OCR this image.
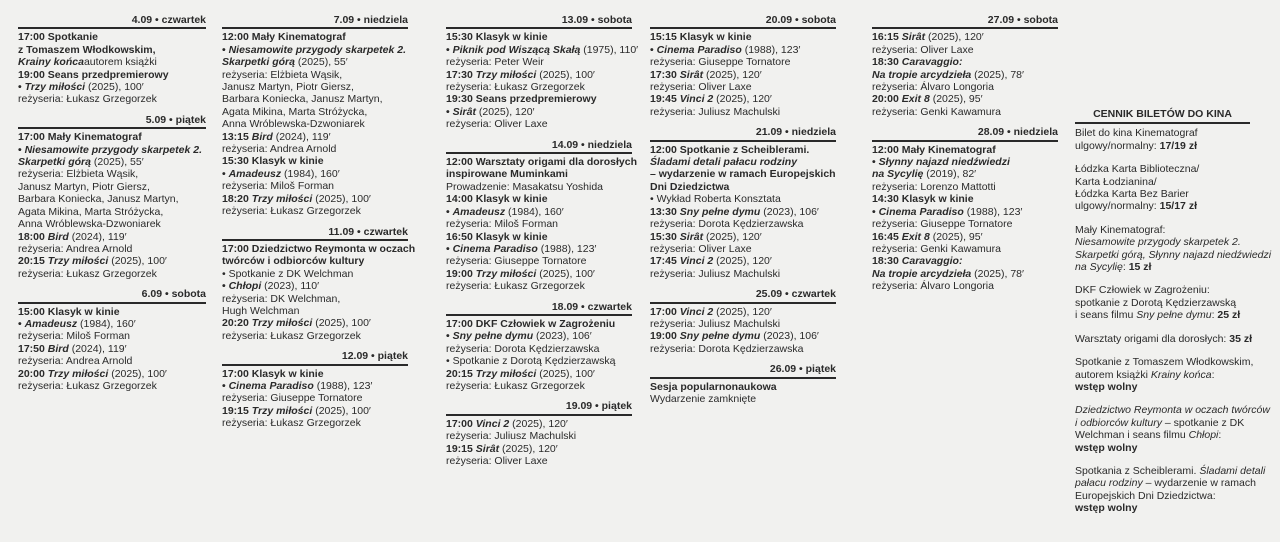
4.09 • czwartek
17:00 Spotkanie
z Tomaszem Włodkowskim,
Krainy końcaautorem książki
19:00 Seans przedpremierowy
• Trzy miłości (2025), 100′
reżyseria: Łukasz Grzegorzek
5.09 • piątek
17:00 Mały Kinematograf
• Niesamowite przygody skarpetek 2.
Skarpetki górą (2025), 55′
reżyseria: Elżbieta Wąsik,
Janusz Martyn, Piotr Giersz,
Barbara Koniecka, Janusz Martyn,
Agata Mikina, Marta Stróżycka,
Anna Wróblewska-Dzwoniarek
18:00 Bird (2024), 119′
reżyseria: Andrea Arnold
20:15 Trzy miłości (2025), 100′
reżyseria: Łukasz Grzegorzek
6.09 • sobota
15:00 Klasyk w kinie
• Amadeusz (1984), 160′
reżyseria: Miloš Forman
17:50 Bird (2024), 119′
reżyseria: Andrea Arnold
20:00 Trzy miłości (2025), 100′
reżyseria: Łukasz Grzegorzek
7.09 • niedziela
12:00 Mały Kinematograf
• Niesamowite przygody skarpetek 2.
Skarpetki górą (2025), 55′
reżyseria: Elżbieta Wąsik,
Janusz Martyn, Piotr Giersz,
Barbara Koniecka, Janusz Martyn,
Agata Mikina, Marta Stróżycka,
Anna Wróblewska-Dzwoniarek
13:15 Bird (2024), 119′
reżyseria: Andrea Arnold
15:30 Klasyk w kinie
• Amadeusz (1984), 160′
reżyseria: Miloš Forman
18:20 Trzy miłości (2025), 100′
reżyseria: Łukasz Grzegorzek
11.09 • czwartek
17:00 Dziedzictwo Reymonta w oczach
twórców i odbiorców kultury
• Spotkanie z DK Welchman
• Chłopi (2023), 110′
reżyseria: DK Welchman,
Hugh Welchman
20:20 Trzy miłości (2025), 100′
reżyseria: Łukasz Grzegorzek
12.09 • piątek
17:00 Klasyk w kinie
• Cinema Paradiso (1988), 123′
reżyseria: Giuseppe Tornatore
19:15 Trzy miłości (2025), 100′
reżyseria: Łukasz Grzegorzek
13.09 • sobota
15:30 Klasyk w kinie
• Piknik pod Wiszącą Skałą (1975), 110′
reżyseria: Peter Weir
17:30 Trzy miłości (2025), 100′
reżyseria: Łukasz Grzegorzek
19:30 Seans przedpremierowy
• Sirât (2025), 120′
reżyseria: Oliver Laxe
14.09 • niedziela
12:00 Warsztaty origami dla dorosłych
inspirowane Muminkami
Prowadzenie: Masakatsu Yoshida
14:00 Klasyk w kinie
• Amadeusz (1984), 160′
reżyseria: Miloš Forman
16:50 Klasyk w kinie
• Cinema Paradiso (1988), 123′
reżyseria: Giuseppe Tornatore
19:00 Trzy miłości (2025), 100′
reżyseria: Łukasz Grzegorzek
18.09 • czwartek
17:00 DKF Człowiek w Zagrożeniu
• Sny pełne dymu (2023), 106′
reżyseria: Dorota Kędzierzawska
• Spotkanie z Dorotą Kędzierzawską
20:15 Trzy miłości (2025), 100′
reżyseria: Łukasz Grzegorzek
19.09 • piątek
17:00 Vinci 2 (2025), 120′
reżyseria: Juliusz Machulski
19:15 Sirât (2025), 120′
reżyseria: Oliver Laxe
20.09 • sobota
15:15 Klasyk w kinie
• Cinema Paradiso (1988), 123′
reżyseria: Giuseppe Tornatore
17:30 Sirât (2025), 120′
reżyseria: Oliver Laxe
19:45 Vinci 2 (2025), 120′
reżyseria: Juliusz Machulski
21.09 • niedziela
12:00 Spotkanie z Scheiblerami.
Śladami detali pałacu rodziny
– wydarzenie w ramach Europejskich
Dni Dziedzictwa
• Wykład Roberta Konsztata
13:30 Sny pełne dymu (2023), 106′
reżyseria: Dorota Kędzierzawska
15:30 Sirât (2025), 120′
reżyseria: Oliver Laxe
17:45 Vinci 2 (2025), 120′
reżyseria: Juliusz Machulski
25.09 • czwartek
17:00 Vinci 2 (2025), 120′
reżyseria: Juliusz Machulski
19:00 Sny pełne dymu (2023), 106′
reżyseria: Dorota Kędzierzawska
26.09 • piątek
Sesja popularnonaukowa
Wydarzenie zamknięte
27.09 • sobota
16:15 Sirât (2025), 120′
reżyseria: Oliver Laxe
18:30 Caravaggio:
Na tropie arcydzieła (2025), 78′
reżyseria: Álvaro Longoria
20:00 Exit 8 (2025), 95′
reżyseria: Genki Kawamura
28.09 • niedziela
12:00 Mały Kinematograf
• Słynny najazd niedźwiedzi
na Sycylię (2019), 82′
reżyseria: Lorenzo Mattotti
14:30 Klasyk w kinie
• Cinema Paradiso (1988), 123′
reżyseria: Giuseppe Tornatore
16:45 Exit 8 (2025), 95′
reżyseria: Genki Kawamura
18:30 Caravaggio:
Na tropie arcydzieła (2025), 78′
reżyseria: Álvaro Longoria
CENNIK BILETÓW DO KINA
Bilet do kina Kinematograf
ulgowy/normalny: 17/19 zł
Łódzka Karta Biblioteczna/
Karta Łodzianina/
Łódzka Karta Bez Barier
ulgowy/normalny: 15/17 zł
Mały Kinematograf:
Niesamowite przygody skarpetek 2.
Skarpetki górą, Słynny najazd niedźwiedzi
na Sycylię: 15 zł
DKF Człowiek w Zagrożeniu:
spotkanie z Dorotą Kędzierzawską
i seans filmu Sny pełne dymu: 25 zł
Warsztaty origami dla dorosłych: 35 zł
Spotkanie z Tomaszem Włodkowskim,
autorem książki Krainy końca:
wstęp wolny
Dziedzictwo Reymonta w oczach twórców
i odbiorców kultury – spotkanie z DK
Welchman i seans filmu Chłopi:
wstęp wolny
Spotkania z Scheiblerami. Śladami detali
pałacu rodziny – wydarzenie w ramach
Europejskich Dni Dziedzictwa:
wstęp wolny
